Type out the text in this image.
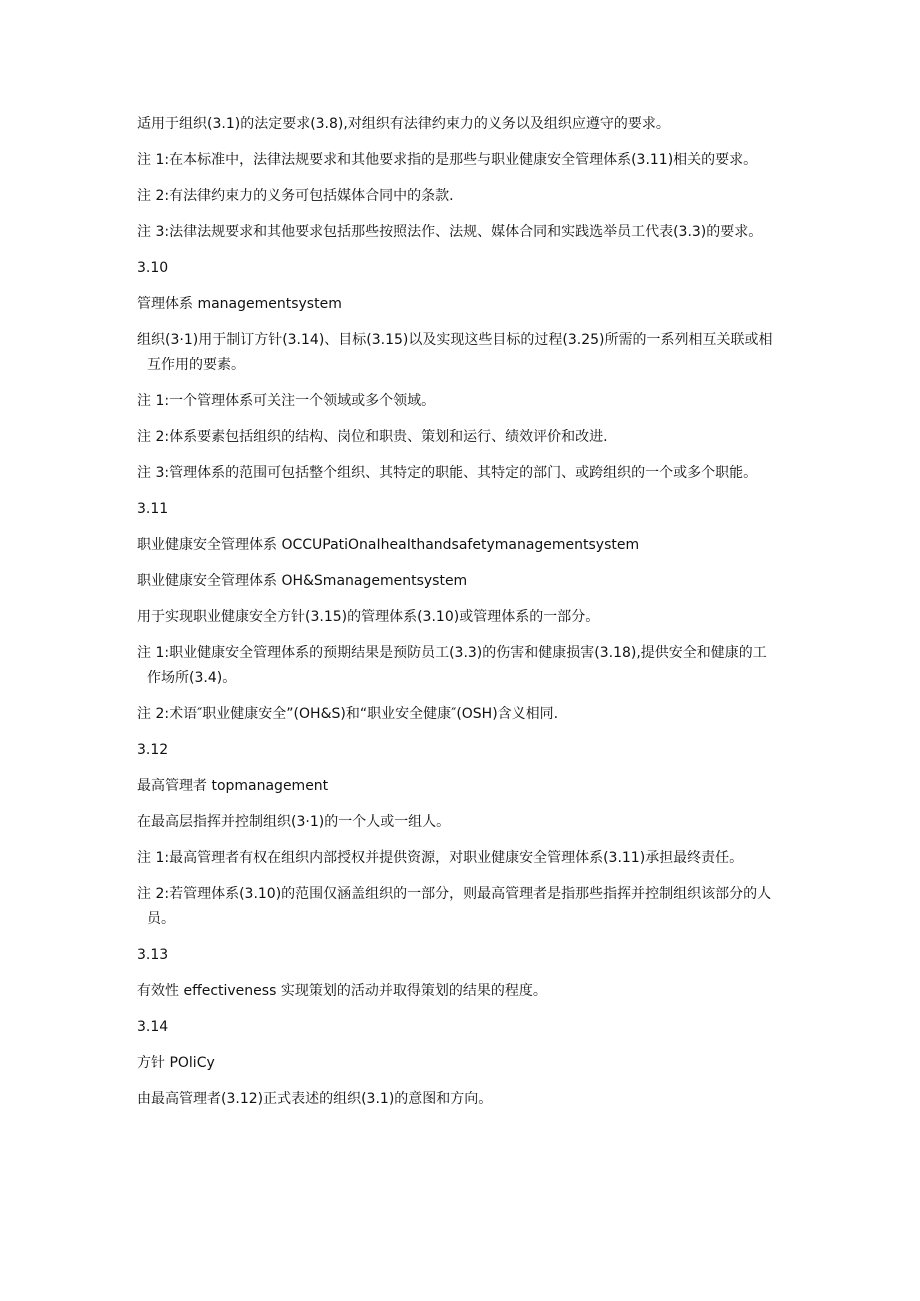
适用于组织(3.1)的法定要求(3.8),对组织有法律约束力的义务以及组织应遵守的要求。

注 1:在本标准中，法律法规要求和其他要求指的是那些与职业健康安全管理体系(3.11)相关的要求。

注 2:有法律约束力的义务可包括媒体合同中的条款.

注 3:法律法规要求和其他要求包括那些按照法作、法规、媒体合同和实践选举员工代表(3.3)的要求。

3.10

管理体系 managementsystem

组织(3·1)用于制订方针(3.14)、目标(3.15)以及实现这些目标的过程(3.25)所需的一系列相互关联或相互作用的要素。

注 1:一个管理体系可关注一个领域或多个领域。

注 2:体系要素包括组织的结构、岗位和职贵、策划和运行、绩效评价和改进.

注 3:管理体系的范围可包括整个组织、其特定的职能、其特定的部门、或跨组织的一个或多个职能。

3.11

职业健康安全管理体系 OCCUPatiOnaIheaIthandsafetymanagementsystem

职业健康安全管理体系 OH&Smanagementsystem

用于实现职业健康安全方针(3.15)的管理体系(3.10)或管理体系的一部分。

注 1:职业健康安全管理体系的预期结果是预防员工(3.3)的伤害和健康损害(3.18),提供安全和健康的工作场所(3.4)。

注 2:术语″职业健康安全”(OH&S)和“职业安全健康″(OSH)含义相同.

3.12

最高管理者 topmanagement

在最高层指挥并控制组织(3·1)的一个人或一组人。

注 1:最高管理者有权在组织内部授权并提供资源，对职业健康安全管理体系(3.11)承担最终责任。

注 2:若管理体系(3.10)的范围仅涵盖组织的一部分，则最高管理者是指那些指挥并控制组织该部分的人员。

3.13

有效性 effectiveness 实现策划的活动并取得策划的结果的程度。

3.14

方针 POliCy

由最高管理者(3.12)正式表述的组织(3.1)的意图和方向。
